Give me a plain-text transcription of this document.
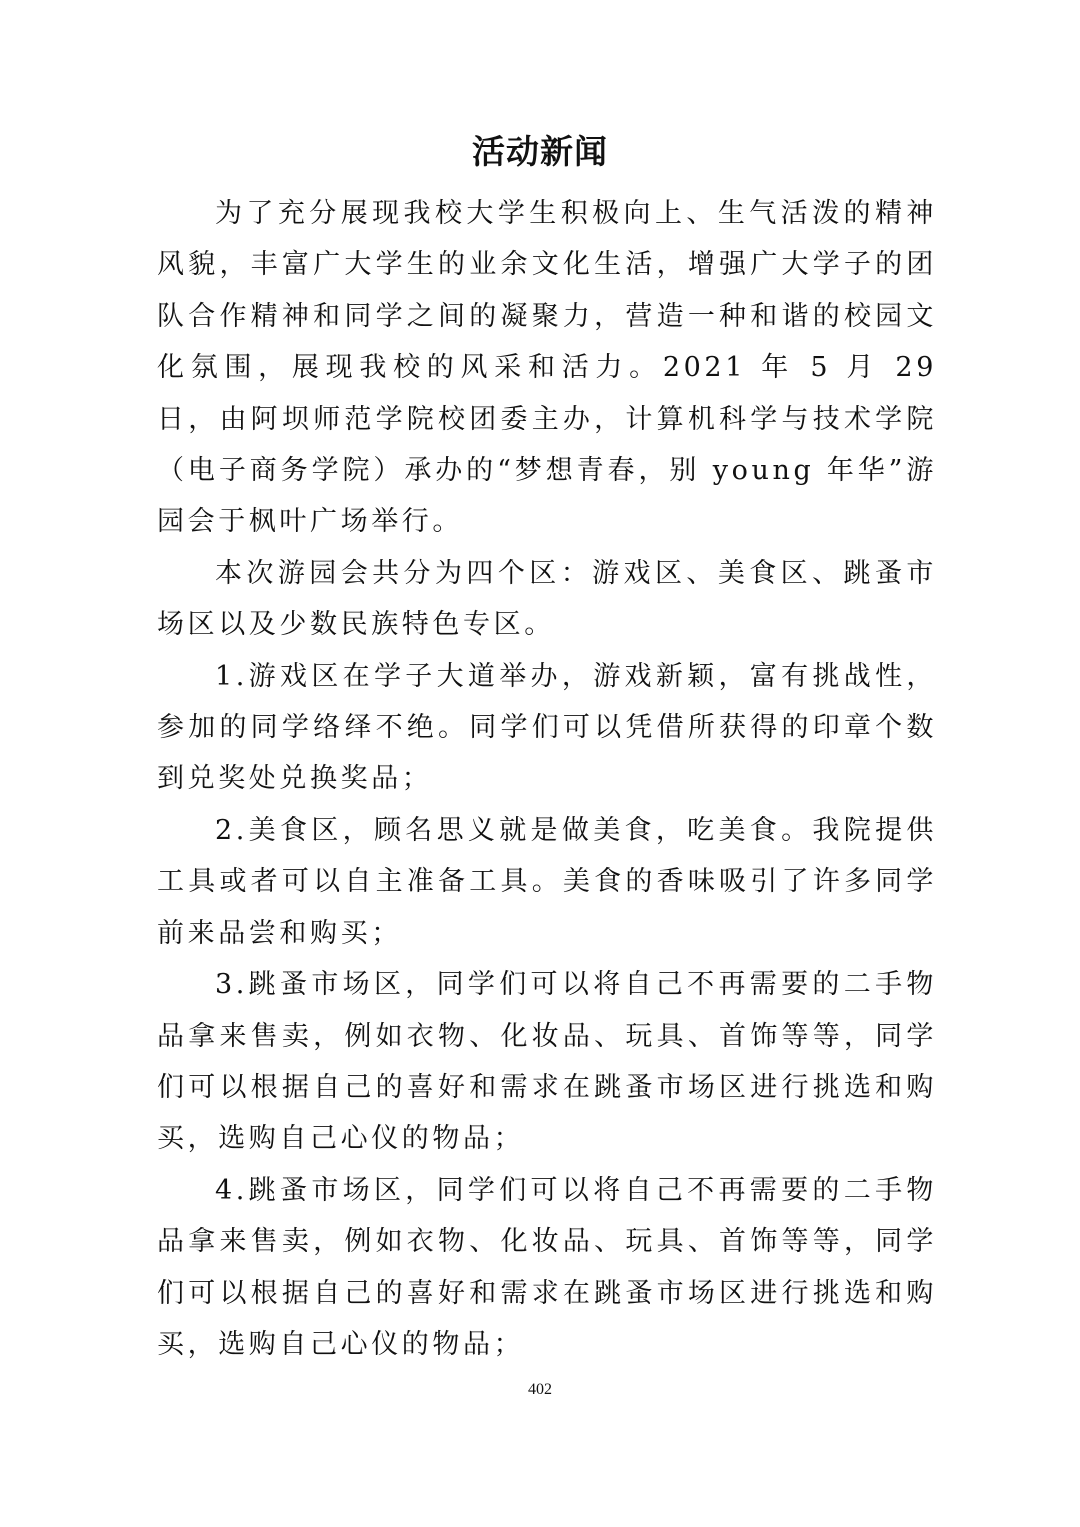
活动新闻

为了充分展现我校大学生积极向上、生气活泼的精神风貌，丰富广大学生的业余文化生活，增强广大学子的团队合作精神和同学之间的凝聚力，营造一种和谐的校园文化氛围，展现我校的风采和活力。2021 年 5 月 29 日，由阿坝师范学院校团委主办，计算机科学与技术学院（电子商务学院）承办的“梦想青春，别 young 年华”游园会于枫叶广场举行。

本次游园会共分为四个区：游戏区、美食区、跳蚤市场区以及少数民族特色专区。

1.游戏区在学子大道举办，游戏新颖，富有挑战性，参加的同学络绎不绝。同学们可以凭借所获得的印章个数到兑奖处兑换奖品；

2.美食区，顾名思义就是做美食，吃美食。我院提供工具或者可以自主准备工具。美食的香味吸引了许多同学前来品尝和购买；

3.跳蚤市场区，同学们可以将自己不再需要的二手物品拿来售卖，例如衣物、化妆品、玩具、首饰等等，同学们可以根据自己的喜好和需求在跳蚤市场区进行挑选和购买，选购自己心仪的物品；

4.跳蚤市场区，同学们可以将自己不再需要的二手物品拿来售卖，例如衣物、化妆品、玩具、首饰等等，同学们可以根据自己的喜好和需求在跳蚤市场区进行挑选和购买，选购自己心仪的物品；

402
